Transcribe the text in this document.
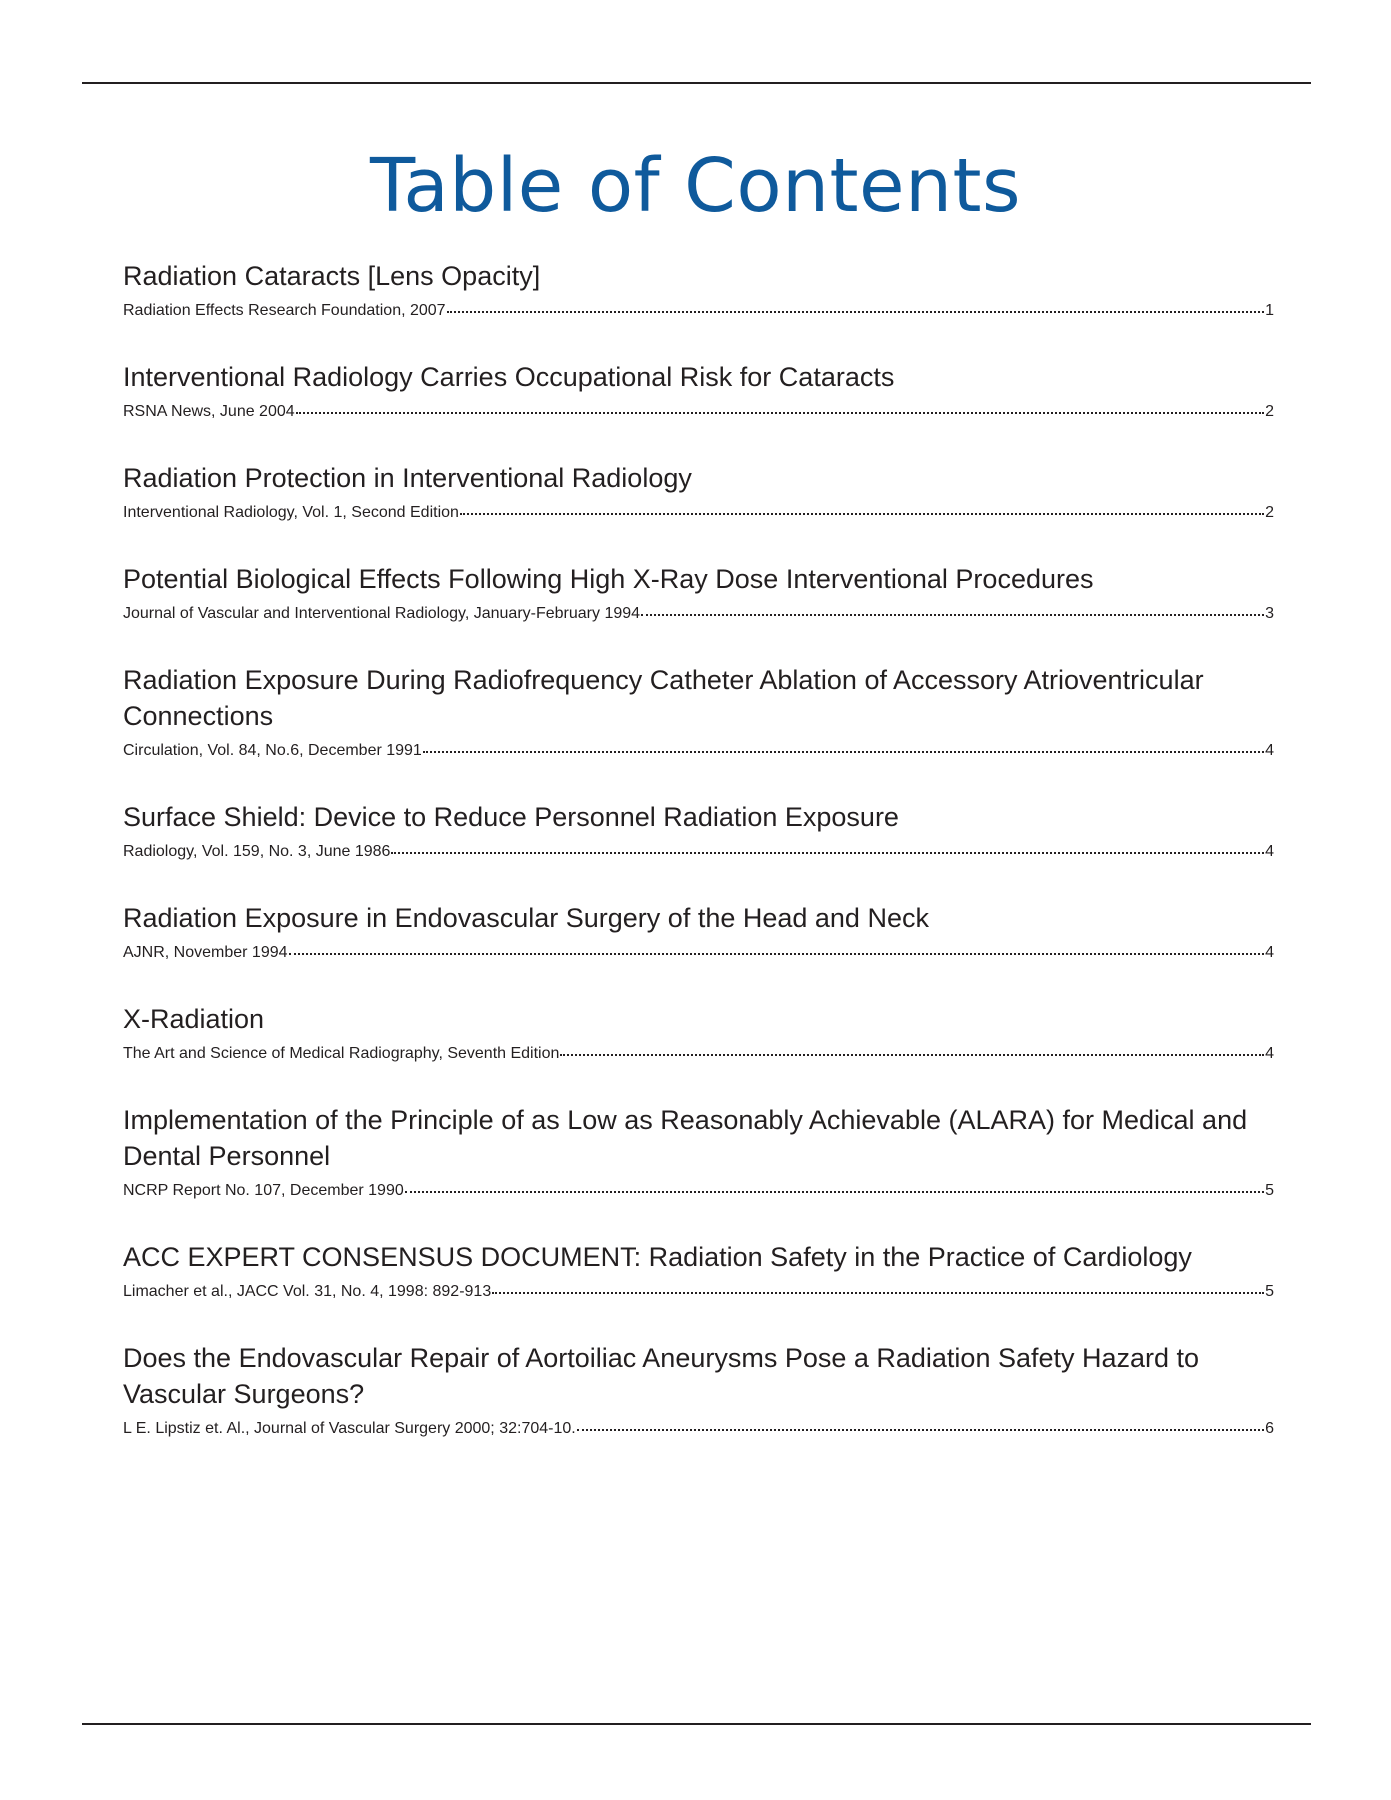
Table of Contents
Radiation Cataracts [Lens Opacity]
Radiation Effects Research Foundation, 2007	1
Interventional Radiology Carries Occupational Risk for Cataracts
RSNA News, June 2004	2
Radiation Protection in Interventional Radiology
Interventional Radiology, Vol. 1, Second Edition	2
Potential Biological Effects Following High X-Ray Dose Interventional Procedures
Journal of Vascular and Interventional Radiology, January-February 1994	3
Radiation Exposure During Radiofrequency Catheter Ablation of Accessory Atrioventricular Connections
Circulation, Vol. 84, No.6, December 1991	4
Surface Shield: Device to Reduce Personnel Radiation Exposure
Radiology, Vol. 159, No. 3, June 1986	4
Radiation Exposure in Endovascular Surgery of the Head and Neck
AJNR, November 1994	4
X-Radiation
The Art and Science of Medical Radiography, Seventh Edition	4
Implementation of the Principle of as Low as Reasonably Achievable (ALARA) for Medical and Dental Personnel
NCRP Report No. 107, December 1990	5
ACC EXPERT CONSENSUS DOCUMENT: Radiation Safety in the Practice of Cardiology
Limacher et al., JACC Vol. 31, No. 4, 1998: 892-913	5
Does the Endovascular Repair of Aortoiliac Aneurysms Pose a Radiation Safety Hazard to Vascular Surgeons?
L E. Lipstiz et. Al., Journal of Vascular Surgery 2000; 32:704-10.	6
